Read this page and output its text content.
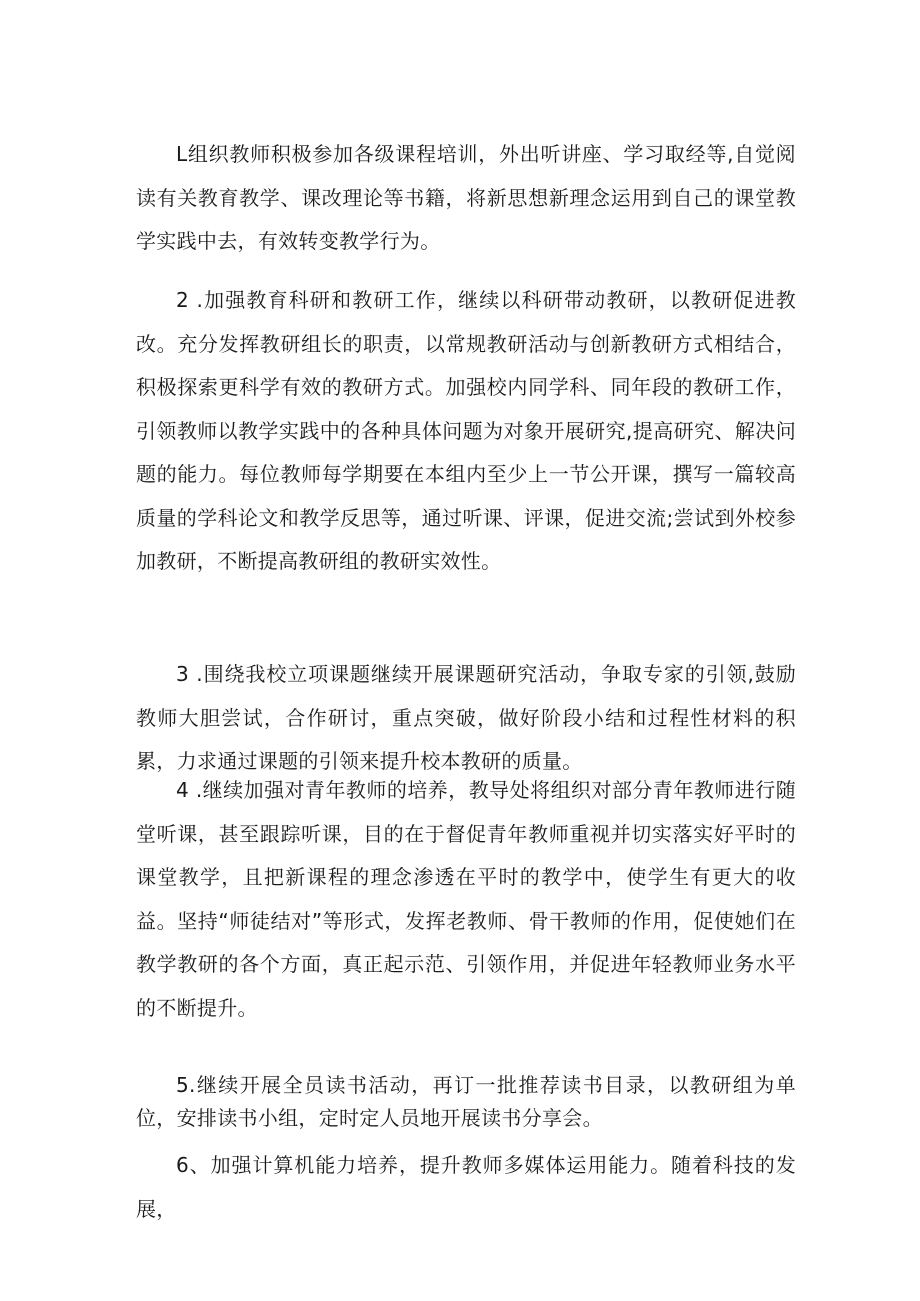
L组织教师积极参加各级课程培训，外出听讲座、学习取经等,自觉阅读有关教育教学、课改理论等书籍，将新思想新理念运用到自己的课堂教学实践中去，有效转变教学行为。

2 .加强教育科研和教研工作，继续以科研带动教研，以教研促进教改。充分发挥教研组长的职责，以常规教研活动与创新教研方式相结合，积极探索更科学有效的教研方式。加强校内同学科、同年段的教研工作，引领教师以教学实践中的各种具体问题为对象开展研究,提高研究、解决问题的能力。每位教师每学期要在本组内至少上一节公开课，撰写一篇较高质量的学科论文和教学反思等，通过听课、评课，促进交流;尝试到外校参加教研，不断提高教研组的教研实效性。

3 .围绕我校立项课题继续开展课题研究活动，争取专家的引领,鼓励教师大胆尝试，合作研讨，重点突破，做好阶段小结和过程性材料的积累，力求通过课题的引领来提升校本教研的质量。

4 .继续加强对青年教师的培养，教导处将组织对部分青年教师进行随堂听课，甚至跟踪听课，目的在于督促青年教师重视并切实落实好平时的课堂教学，且把新课程的理念渗透在平时的教学中，使学生有更大的收益。坚持“师徒结对”等形式，发挥老教师、骨干教师的作用，促使她们在教学教研的各个方面，真正起示范、引领作用，并促进年轻教师业务水平的不断提升。

5.继续开展全员读书活动，再订一批推荐读书目录，以教研组为单位，安排读书小组，定时定人员地开展读书分享会。

6、加强计算机能力培养，提升教师多媒体运用能力。随着科技的发展，
